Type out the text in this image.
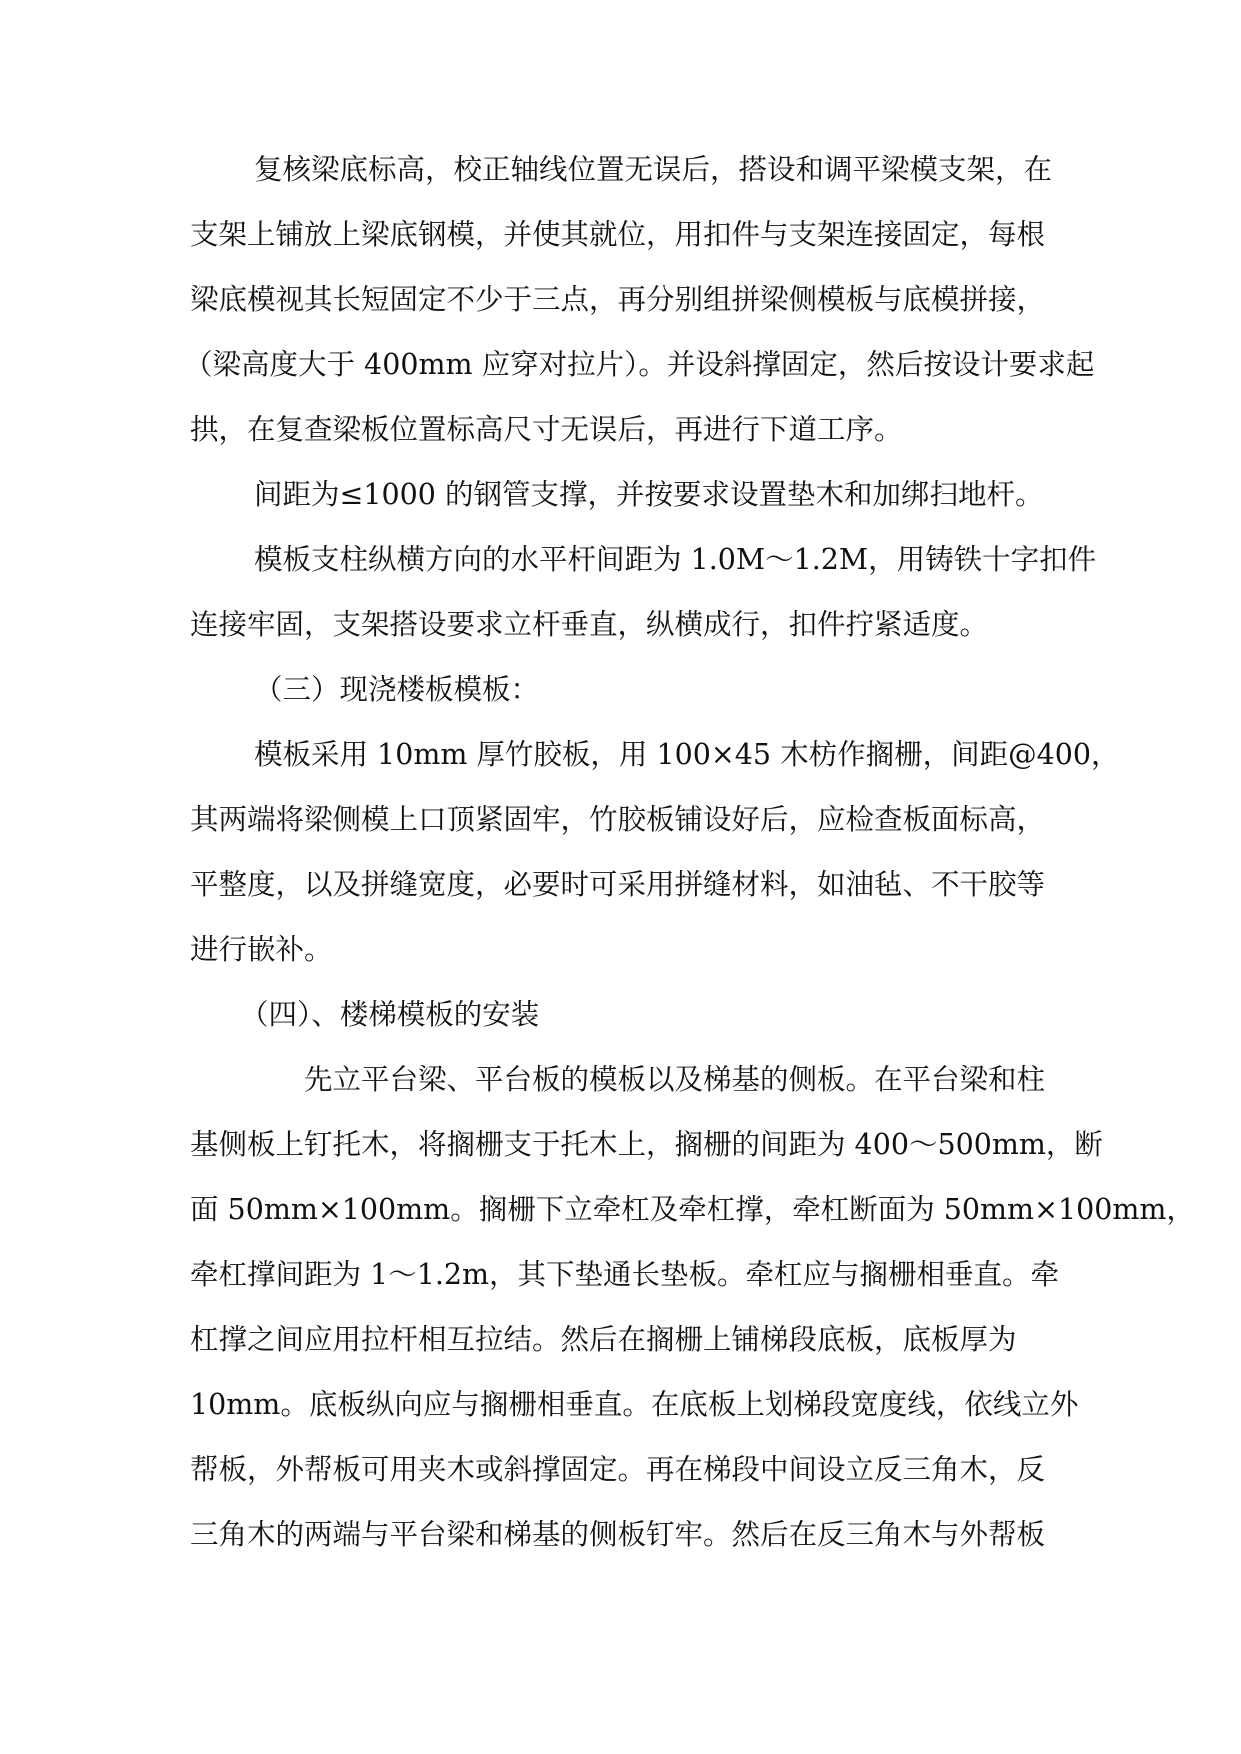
复核梁底标高，校正轴线位置无误后，搭设和调平梁模支架，在
支架上铺放上梁底钢模，并使其就位，用扣件与支架连接固定，每根
梁底模视其长短固定不少于三点，再分别组拼梁侧模板与底模拼接，
（梁高度大于 400mm 应穿对拉片）。并设斜撑固定，然后按设计要求起
拱，在复查梁板位置标高尺寸无误后，再进行下道工序。
间距为≤1000 的钢管支撑，并按要求设置垫木和加绑扫地杆。
模板支柱纵横方向的水平杆间距为 1.0M～1.2M，用铸铁十字扣件
连接牢固，支架搭设要求立杆垂直，纵横成行，扣件拧紧适度。
（三）现浇楼板模板：
模板采用 10mm 厚竹胶板，用 100×45 木枋作搁栅，间距@400，
其两端将梁侧模上口顶紧固牢，竹胶板铺设好后，应检查板面标高，
平整度，以及拼缝宽度，必要时可采用拼缝材料，如油毡、不干胶等
进行嵌补。
（四）、楼梯模板的安装
先立平台梁、平台板的模板以及梯基的侧板。在平台梁和柱
基侧板上钉托木，将搁栅支于托木上，搁栅的间距为 400～500mm，断
面 50mm×100mm。搁栅下立牵杠及牵杠撑，牵杠断面为 50mm×100mm，
牵杠撑间距为 1～1.2m，其下垫通长垫板。牵杠应与搁栅相垂直。牵
杠撑之间应用拉杆相互拉结。然后在搁栅上铺梯段底板，底板厚为
10mm。底板纵向应与搁栅相垂直。在底板上划梯段宽度线，依线立外
帮板，外帮板可用夹木或斜撑固定。再在梯段中间设立反三角木，反
三角木的两端与平台梁和梯基的侧板钉牢。然后在反三角木与外帮板
